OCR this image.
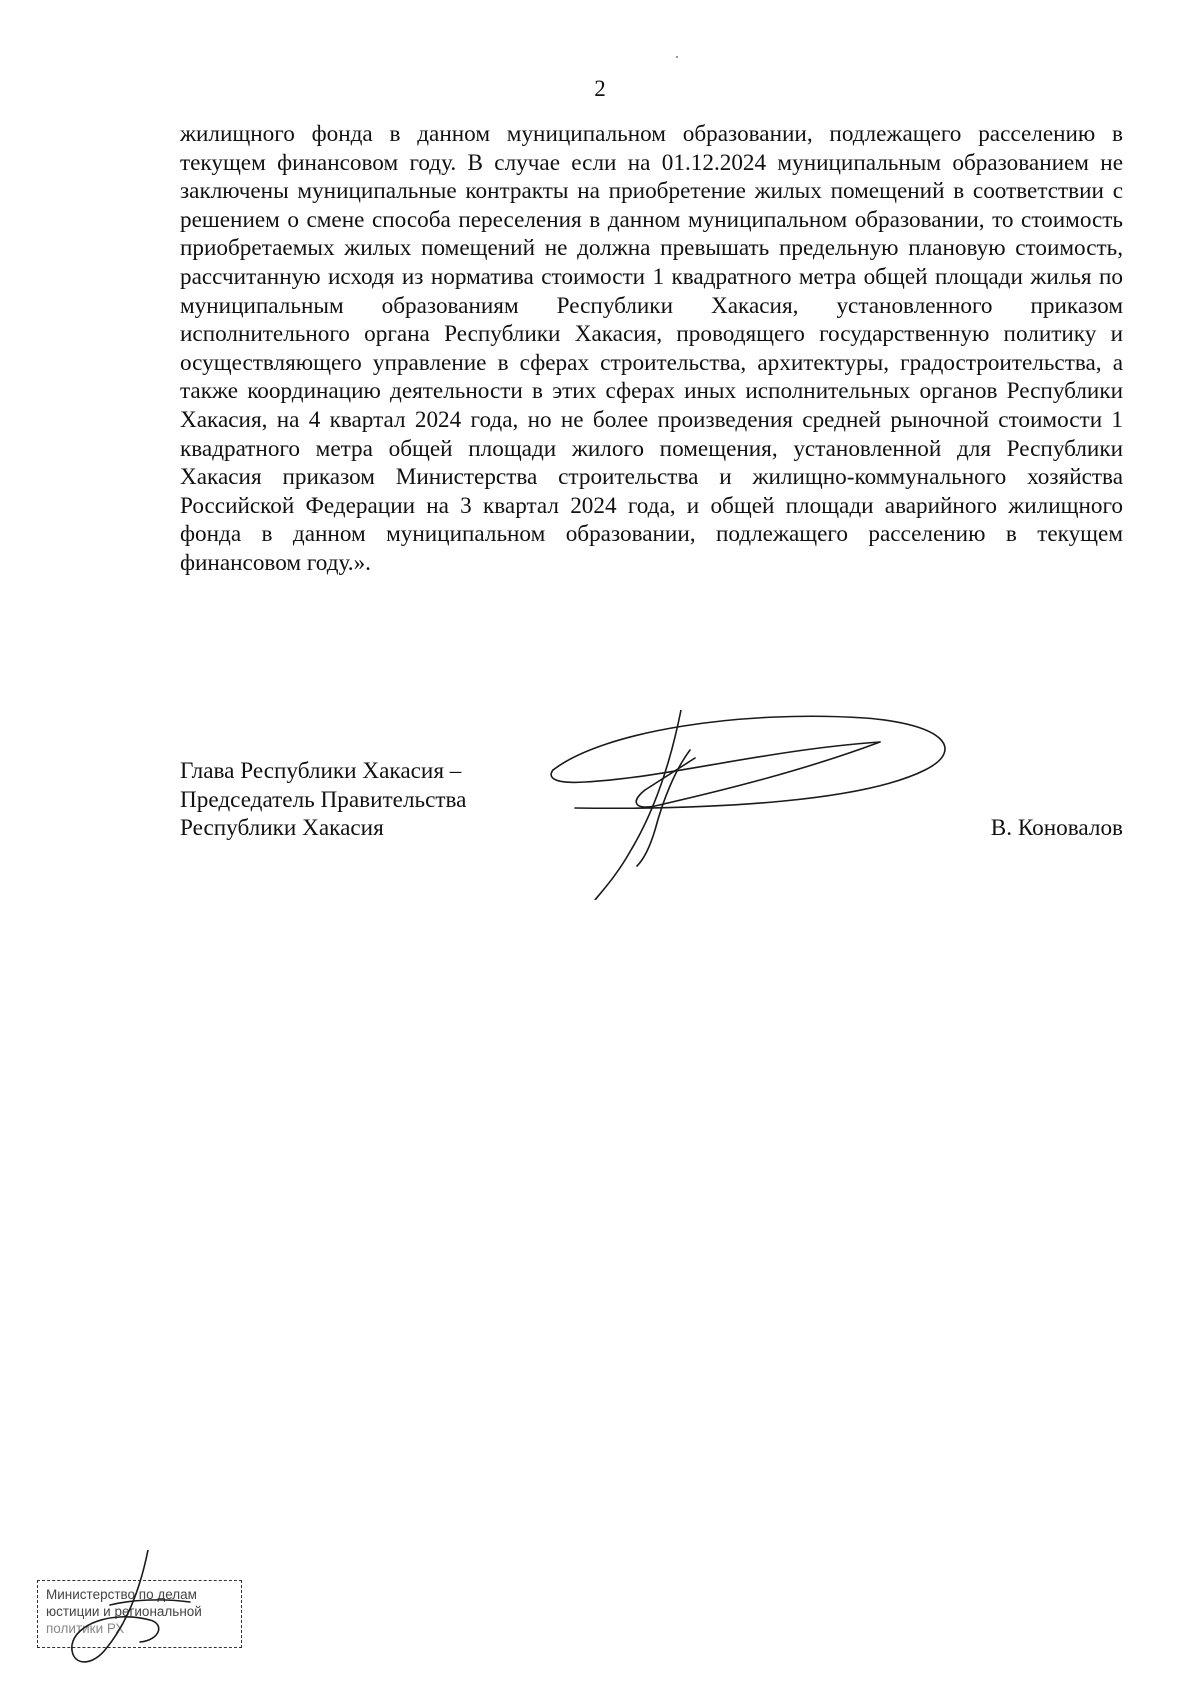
2

жилищного фонда в данном муниципальном образовании, подлежащего расселению в текущем финансовом году. В случае если на 01.12.2024 муниципальным образованием не заключены муниципальные контракты на приобретение жилых помещений в соответствии с решением о смене способа переселения в данном муниципальном образовании, то стоимость приобретаемых жилых помещений не должна превышать предельную плановую стоимость, рассчитанную исходя из норматива стоимости 1 квадратного метра общей площади жилья по муниципальным образованиям Республики Хакасия, установленного приказом исполнительного органа Республики Хакасия, проводящего государственную политику и осуществляющего управление в сферах строительства, архитектуры, градостроительства, а также координацию деятельности в этих сферах иных исполнительных органов Республики Хакасия, на 4 квартал 2024 года, но не более произведения средней рыночной стоимости 1 квадратного метра общей площади жилого помещения, установленной для Республики Хакасия приказом Министерства строительства и жилищно-коммунального хозяйства Российской Федерации на 3 квартал 2024 года, и общей площади аварийного жилищного фонда в данном муниципальном образовании, подлежащего расселению в текущем финансовом году.».

Глава Республики Хакасия –
Председатель Правительства
Республики Хакасия	В. Коновалов
Министерство по делам
юстиции и региональной
политики РХ
